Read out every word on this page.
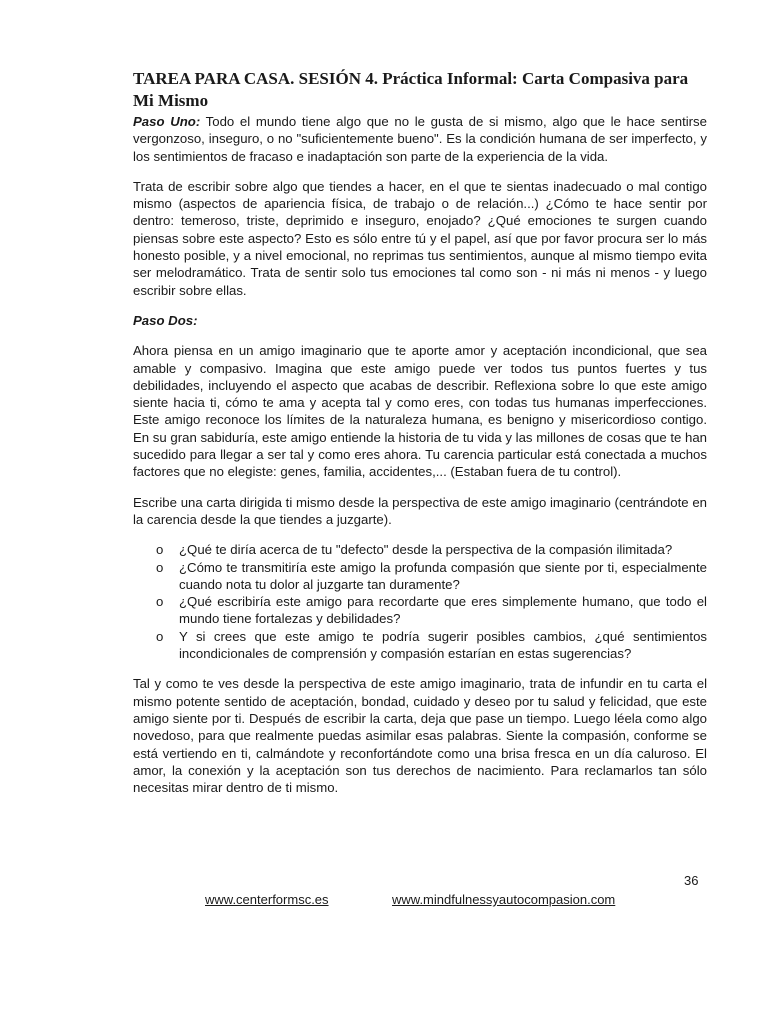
TAREA PARA CASA. SESIÓN 4. Práctica Informal: Carta Compasiva para Mi Mismo

Paso Uno: Todo el mundo tiene algo que no le gusta de si mismo, algo que le hace sentirse vergonzoso, inseguro, o no "suficientemente bueno". Es la condición humana de ser imperfecto, y los sentimientos de fracaso e inadaptación son parte de la experiencia de la vida.

Trata de escribir sobre algo que tiendes a hacer, en el que te sientas inadecuado o mal contigo mismo (aspectos de apariencia física, de trabajo o de relación...) ¿Cómo te hace sentir por dentro: temeroso, triste, deprimido e inseguro, enojado? ¿Qué emociones te surgen cuando piensas sobre este aspecto? Esto es sólo entre tú y el papel, así que por favor procura ser lo más honesto posible, y a nivel emocional, no reprimas tus sentimientos, aunque al mismo tiempo evita ser melodramático. Trata de sentir solo tus emociones tal como son - ni más ni menos - y luego escribir sobre ellas.

Paso Dos:

Ahora piensa en un amigo imaginario que te aporte amor y aceptación incondicional, que sea amable y compasivo. Imagina que este amigo puede ver todos tus puntos fuertes y tus debilidades, incluyendo el aspecto que acabas de describir. Reflexiona sobre lo que este amigo siente hacia ti, cómo te ama y acepta tal y como eres, con todas tus humanas imperfecciones. Este amigo reconoce los límites de la naturaleza humana, es benigno y misericordioso contigo. En su gran sabiduría, este amigo entiende la historia de tu vida y las millones de cosas que te han sucedido para llegar a ser tal y como eres ahora. Tu carencia particular está conectada a muchos factores que no elegiste: genes, familia, accidentes,... (Estaban fuera de tu control).

Escribe una carta dirigida ti mismo desde la perspectiva de este amigo imaginario (centrándote en la carencia desde la que tiendes a juzgarte).

o ¿Qué te diría acerca de tu "defecto" desde la perspectiva de la compasión ilimitada?
o ¿Cómo te transmitiría este amigo la profunda compasión que siente por ti, especialmente cuando nota tu dolor al juzgarte tan duramente?
o ¿Qué escribiría este amigo para recordarte que eres simplemente humano, que todo el mundo tiene fortalezas y debilidades?
o Y si crees que este amigo te podría sugerir posibles cambios, ¿qué sentimientos incondicionales de comprensión y compasión estarían en estas sugerencias?

Tal y como te ves desde la perspectiva de este amigo imaginario, trata de infundir en tu carta el mismo potente sentido de aceptación, bondad, cuidado y deseo por tu salud y felicidad, que este amigo siente por ti. Después de escribir la carta, deja que pase un tiempo. Luego léela como algo novedoso, para que realmente puedas asimilar esas palabras. Siente la compasión, conforme se está vertiendo en ti, calmándote y reconfortándote como una brisa fresca en un día caluroso. El amor, la conexión y la aceptación son tus derechos de nacimiento. Para reclamarlos tan sólo necesitas mirar dentro de ti mismo.

36
www.centerformsc.es	www.mindfulnessyautocompasion.com
